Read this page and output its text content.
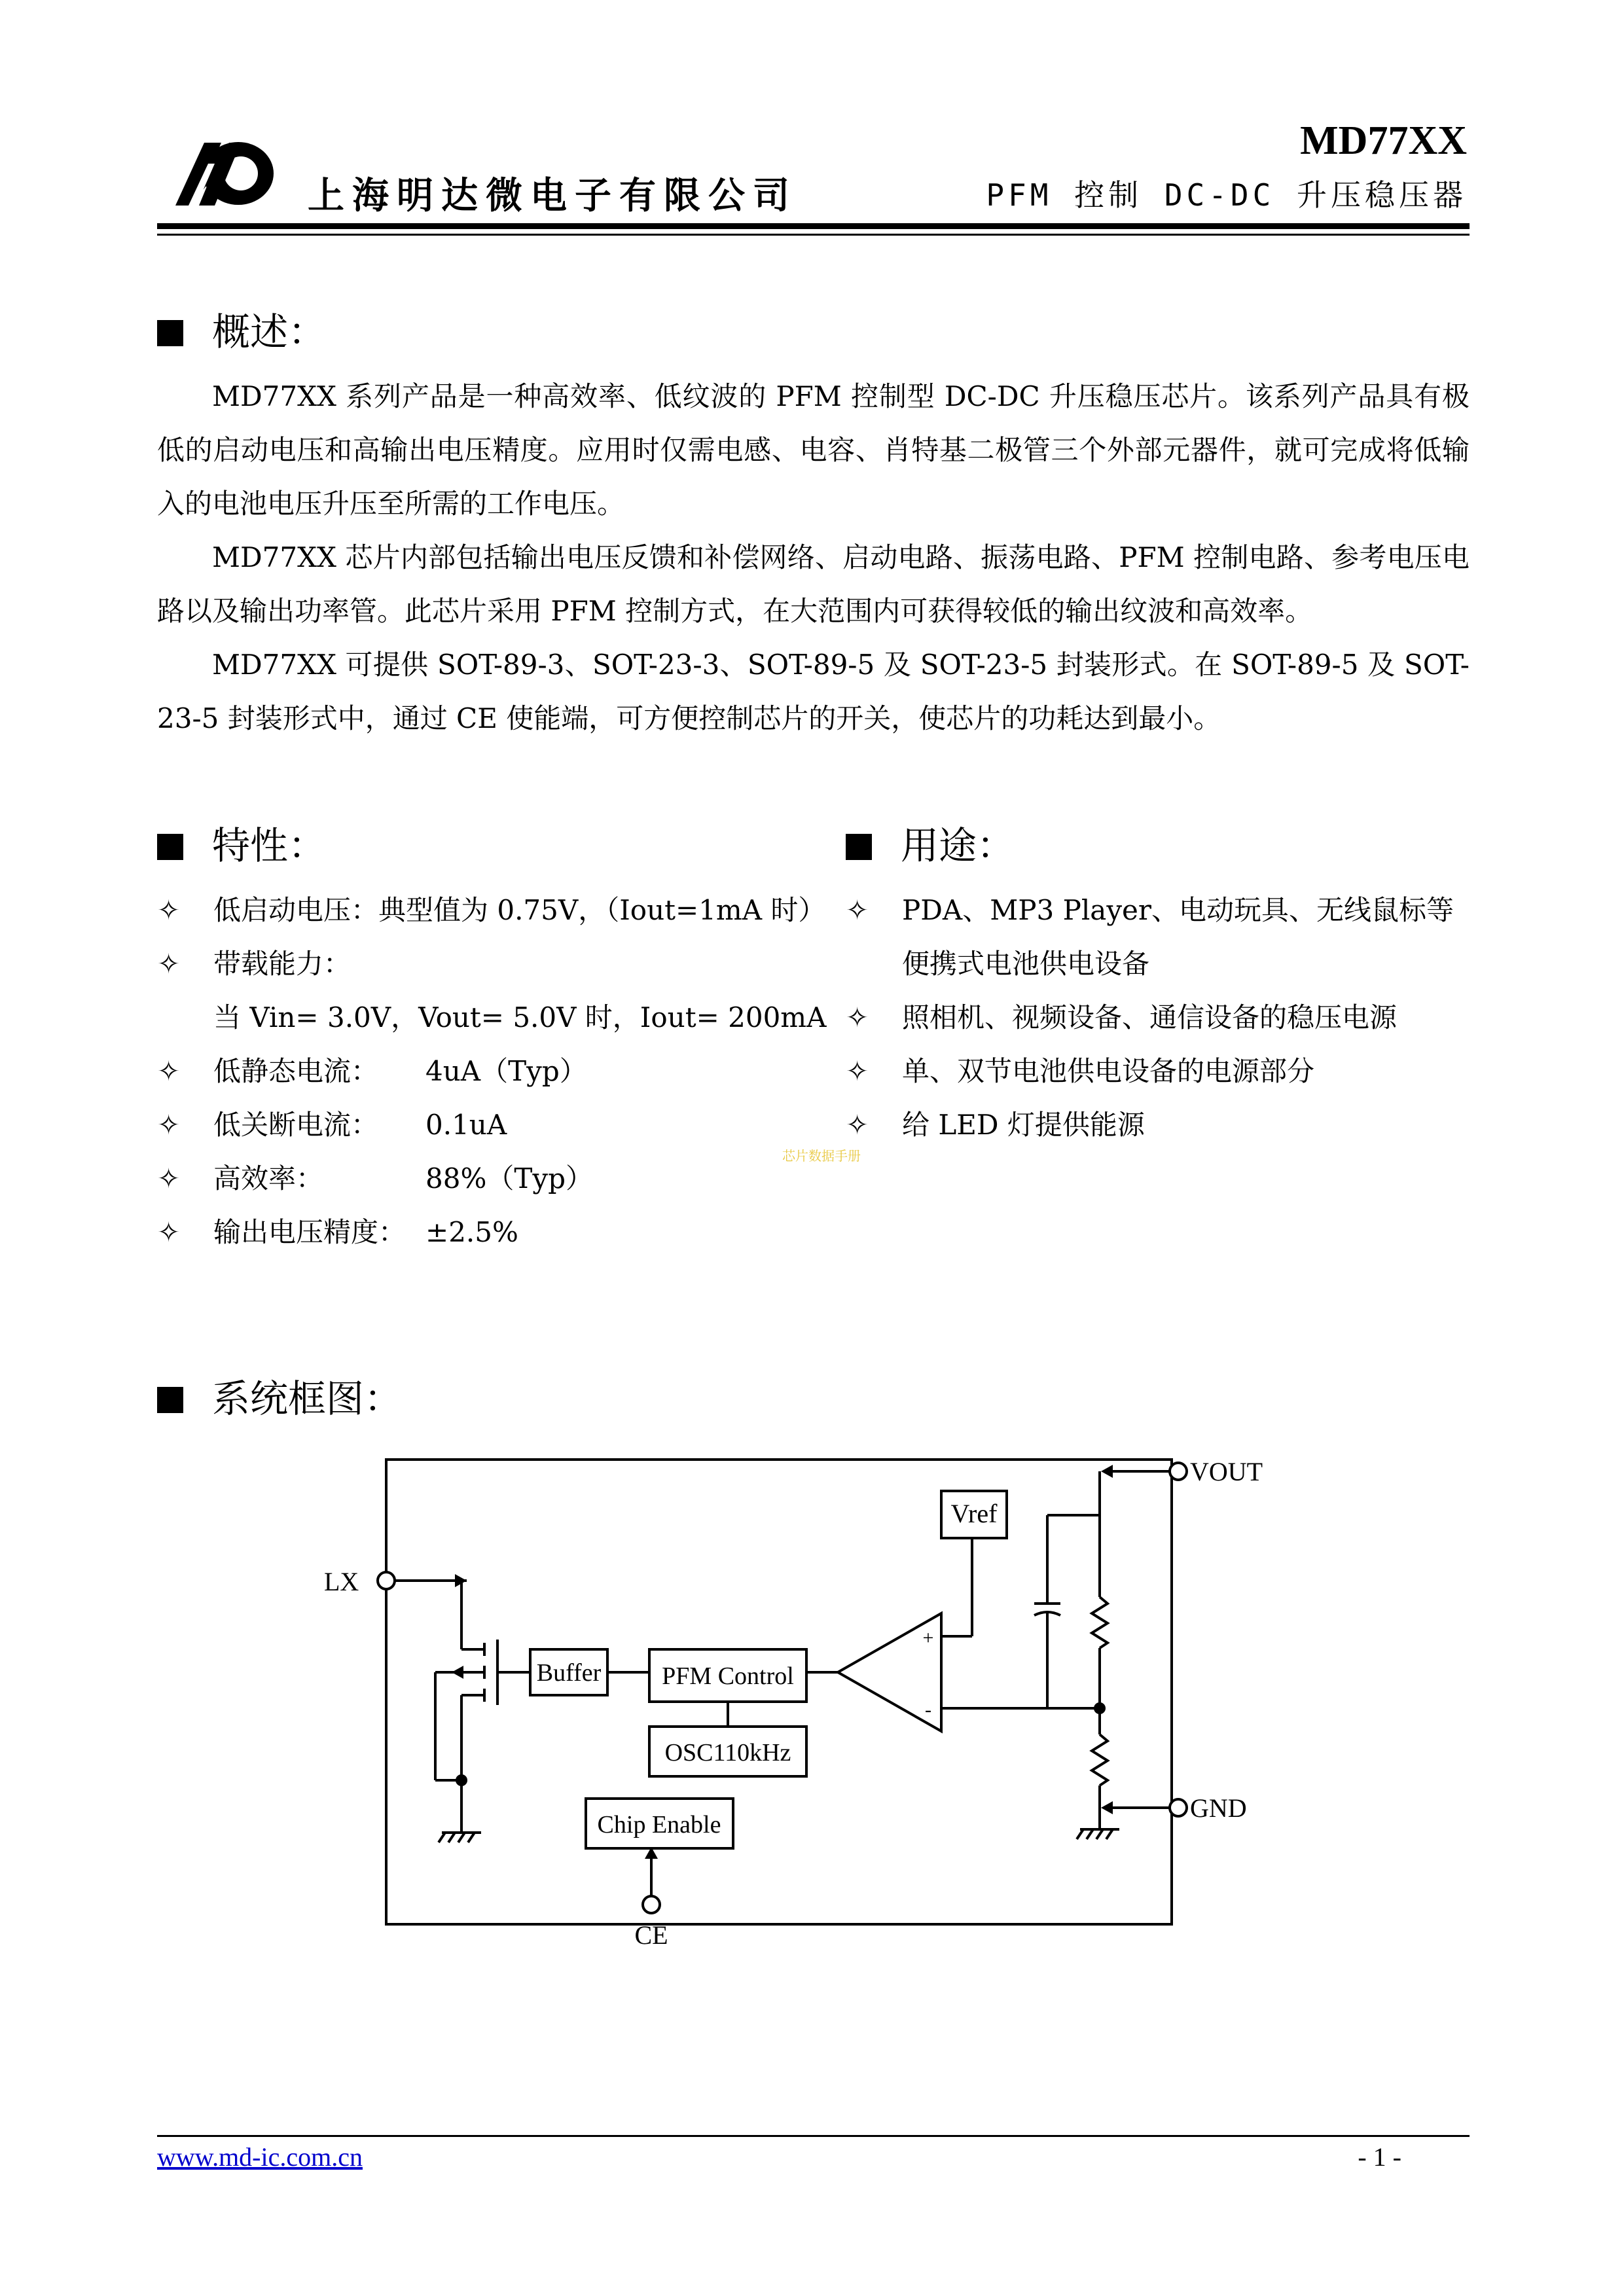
上海明达微电子有限公司
MD77XX
PFM 控制 DC-DC 升压稳压器
概述：

MD77XX 系列产品是一种高效率、低纹波的 PFM 控制型 DC-DC 升压稳压芯片。该系列产品具有极低的启动电压和高输出电压精度。应用时仅需电感、电容、肖特基二极管三个外部元器件，就可完成将低输入的电池电压升压至所需的工作电压。

MD77XX 芯片内部包括输出电压反馈和补偿网络、启动电路、振荡电路、PFM 控制电路、参考电压电路以及输出功率管。此芯片采用 PFM 控制方式，在大范围内可获得较低的输出纹波和高效率。

MD77XX 可提供 SOT-89-3、SOT-23-3、SOT-89-5 及 SOT-23-5 封装形式。在 SOT-89-5 及 SOT-23-5 封装形式中，通过 CE 使能端，可方便控制芯片的开关，使芯片的功耗达到最小。

特性：
✧ 低启动电压：典型值为 0.75V，（Iout=1mA 时）
✧ 带载能力：
当 Vin= 3.0V，Vout= 5.0V 时，Iout= 200mA
✧ 低静态电流： 4uA（Typ）
✧ 低关断电流： 0.1uA
✧ 高效率：	88%（Typ）
✧ 输出电压精度： ±2.5%
用途：
✧ PDA、MP3 Player、电动玩具、无线鼠标等
便携式电池供电设备
✧ 照相机、视频设备、通信设备的稳压电源
✧ 单、双节电池供电设备的电源部分
✧ 给 LED 灯提供能源
芯片数据手册
系统框图：
LX
VOUT
GND
CE
Vref
Buffer PFM Control
OSC110kHz
Chip Enable
+
-
www.md-ic.com.cn	- 1 -
